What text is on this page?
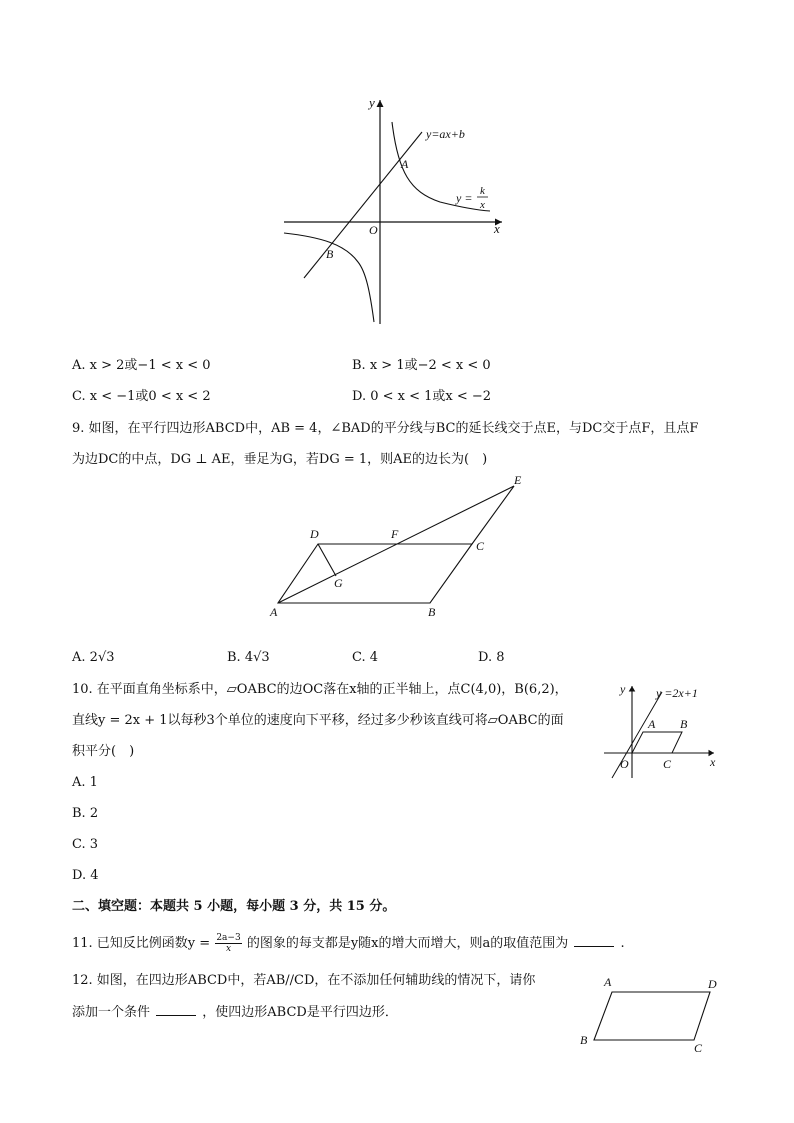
y
x
O
y=ax+b
y = k
x
A
B
A. x > 2或−1 < x < 0	B. x > 1或−2 < x < 0
C. x < −1或0 < x < 2	D. 0 < x < 1或x < −2
9. 如图，在平行四边形ABCD中，AB = 4，∠BAD的平分线与BC的延长线交于点E，与DC交于点F，且点F
为边DC的中点，DG ⊥ AE，垂足为G，若DG = 1，则AE的边长为(　)
A	B
C
D
E
F
G
A. 2√3	B. 4√3	C. 4	D. 8
10. 在平面直角坐标系中，▱OABC的边OC落在x轴的正半轴上，点C(4,0)，B(6,2)，
直线y = 2x + 1以每秒3个单位的速度向下平移，经过多少秒该直线可将▱OABC的面
积平分(　)
y
x
y =2x+1
A B
O	C
A. 1
B. 2
C. 3
D. 4
二、填空题：本题共 5 小题，每小题 3 分，共 15 分。
11. 已知反比例函数$y = \frac{2a-3}{x}$ 的图象的每支都是y随x的增大而增大，则a的取值范围为	.
12. 如图，在四边形ABCD中，若AB//CD，在不添加任何辅助线的情况下，请你
添加一个条件	，使四边形ABCD是平行四边形．
A	D
B
C
